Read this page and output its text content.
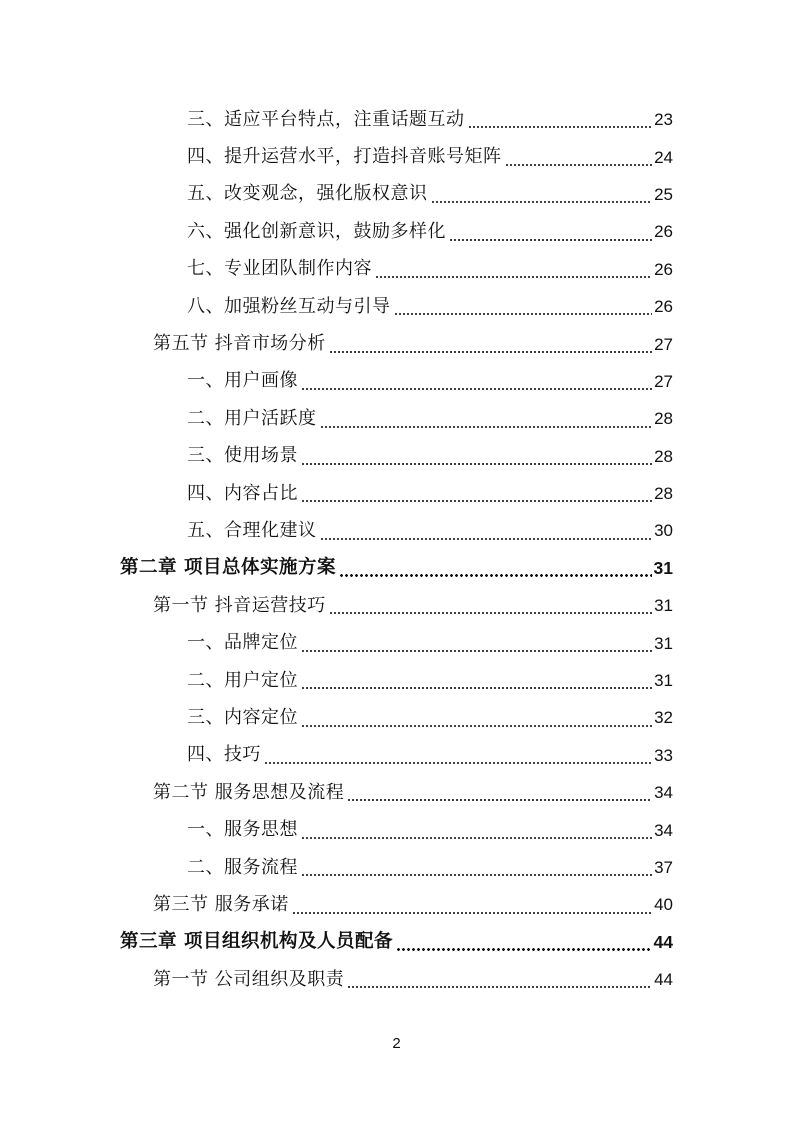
三、适应平台特点，注重话题互动	23
四、提升运营水平，打造抖音账号矩阵	24
五、改变观念，强化版权意识	25
六、强化创新意识，鼓励多样化	26
七、专业团队制作内容	26
八、加强粉丝互动与引导	26
第五节 抖音市场分析	27
一、用户画像	27
二、用户活跃度	28
三、使用场景	28
四、内容占比	28
五、合理化建议	30
第二章 项目总体实施方案	31
第一节 抖音运营技巧	31
一、品牌定位	31
二、用户定位	31
三、内容定位	32
四、技巧	33
第二节 服务思想及流程	34
一、服务思想	34
二、服务流程	37
第三节 服务承诺	40
第三章 项目组织机构及人员配备	44
第一节 公司组织及职责	44
2
